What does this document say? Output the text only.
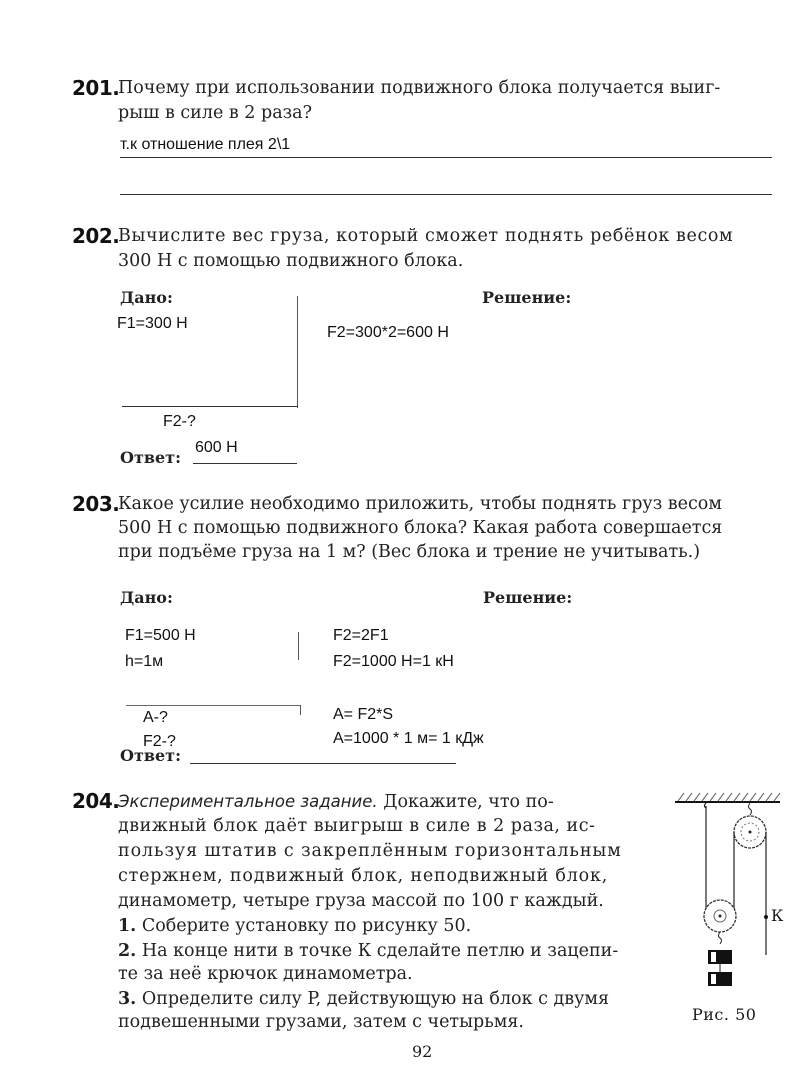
201.
Почему при использовании подвижного блока получается выиг-
рыш в силе в 2 раза?
т.к отношение плея 2\1
202.
Вычислите вес груза, который сможет поднять ребёнок весом
300 Н с помощью подвижного блока.
Дано:	Решение:
F1=300 Н
F2=300*2=600 Н
F2-?
Ответ:
600 Н
203.
Какое усилие необходимо приложить, чтобы поднять груз весом
500 Н с помощью подвижного блока? Какая работа совершается
при подъёме груза на 1 м? (Вес блока и трение не учитывать.)
Дано:	Решение:
F1=500 Н
h=1м
F2=2F1
F2=1000 Н=1 кН
А-?
F2-?
А= F2*S
А=1000 * 1 м= 1 кДж
Ответ:
204.
Экспериментальное задание. Докажите, что по-
движный блок даёт выигрыш в силе в 2 раза, ис-
пользуя штатив с закреплённым горизонтальным
стержнем, подвижный блок, неподвижный блок,
динамометр, четыре груза массой по 100 г каждый.
1. Соберите установку по рисунку 50.
2. На конце нити в точке К сделайте петлю и зацепи-
те за неё крючок динамометра.
3. Определите силу P, действующую на блок с двумя
подвешенными грузами, затем с четырьмя.
К
Рис. 50
92
